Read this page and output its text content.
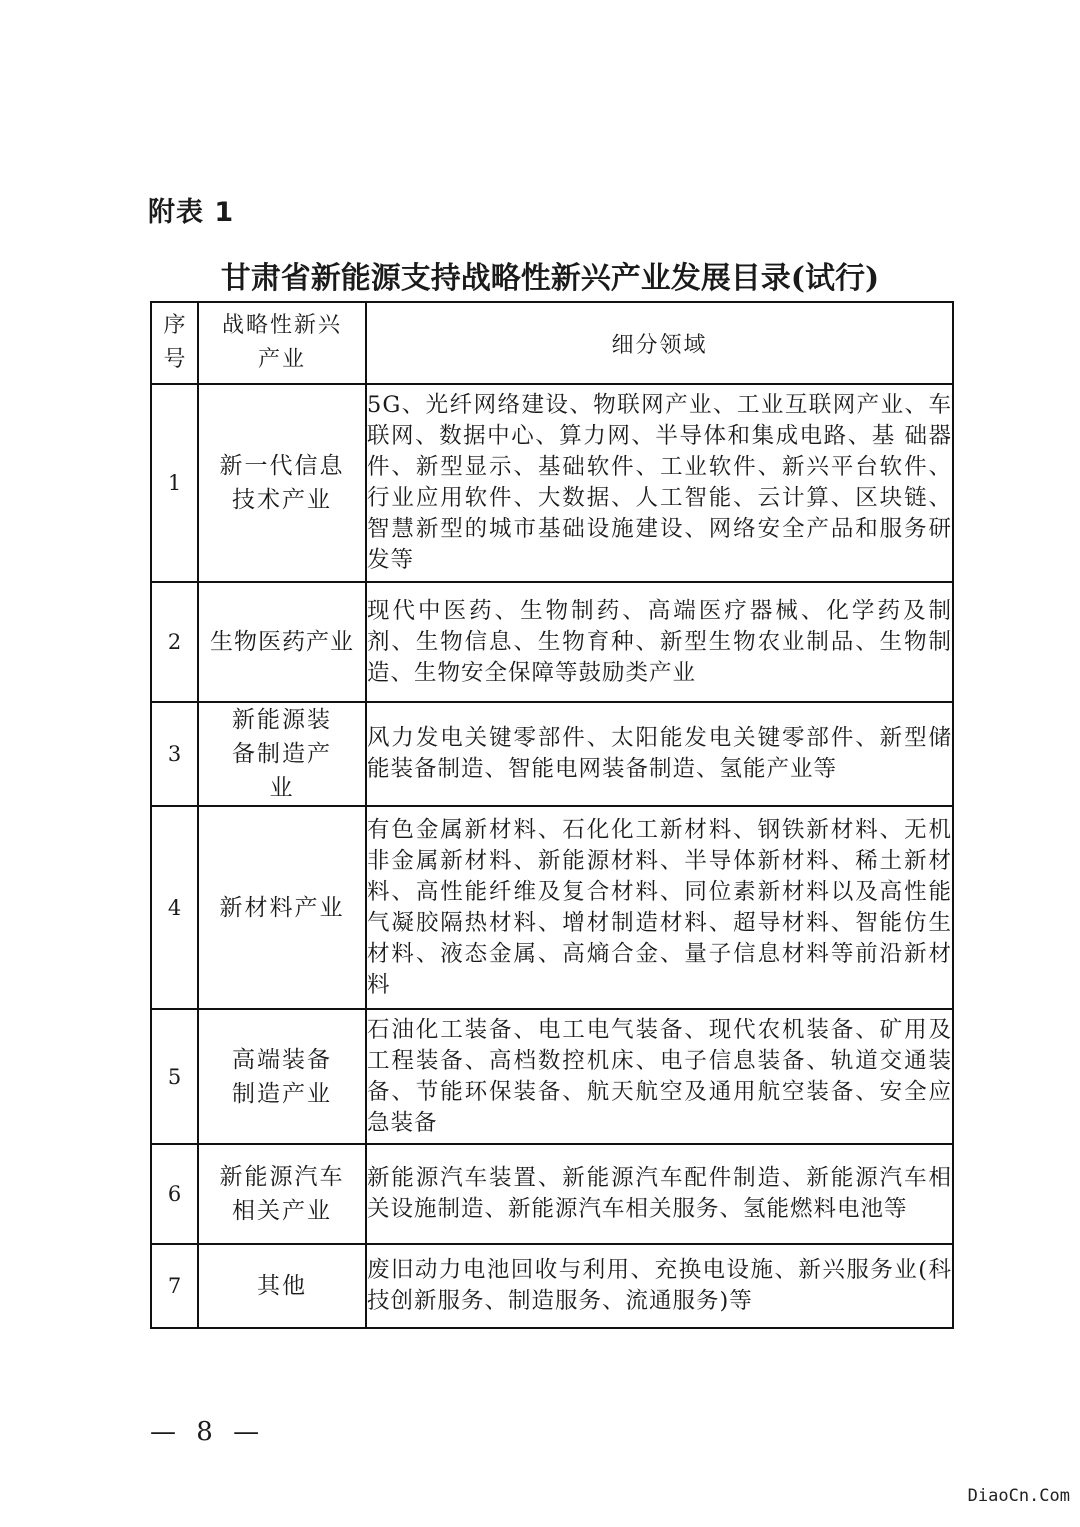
附表 1
甘肃省新能源支持战略性新兴产业发展目录(试行)
序号	战略性新兴产业	细分领域
1	新一代信息技术产业	5G、光纤网络建设、物联网产业、工业互联网产业、车联网、数据中心、算力网、半导体和集成电路、基 础器件、新型显示、基础软件、工业软件、新兴平台软件、行业应用软件、大数据、人工智能、云计算、区块链、智慧新型的城市基础设施建设、网络安全产品和服务研发等
2	生物医药产业	现代中医药、生物制药、高端医疗器械、化学药及制剂、生物信息、生物育种、新型生物农业制品、生物制造、生物安全保障等鼓励类产业
3	新能源装备制造产业	风力发电关键零部件、太阳能发电关键零部件、新型储能装备制造、智能电网装备制造、氢能产业等
4	新材料产业	有色金属新材料、石化化工新材料、钢铁新材料、无机非金属新材料、新能源材料、半导体新材料、稀土新材料、高性能纤维及复合材料、同位素新材料以及高性能气凝胶隔热材料、增材制造材料、超导材料、智能仿生材料、液态金属、高熵合金、量子信息材料等前沿新材料
5	高端装备制造产业	石油化工装备、电工电气装备、现代农机装备、矿用及工程装备、高档数控机床、电子信息装备、轨道交通装备、节能环保装备、航天航空及通用航空装备、安全应急装备
6	新能源汽车相关产业	新能源汽车装置、新能源汽车配件制造、新能源汽车相关设施制造、新能源汽车相关服务、氢能燃料电池等
7	其他	废旧动力电池回收与利用、充换电设施、新兴服务业(科技创新服务、制造服务、流通服务)等
— 8 —
DiaoCn.Com
